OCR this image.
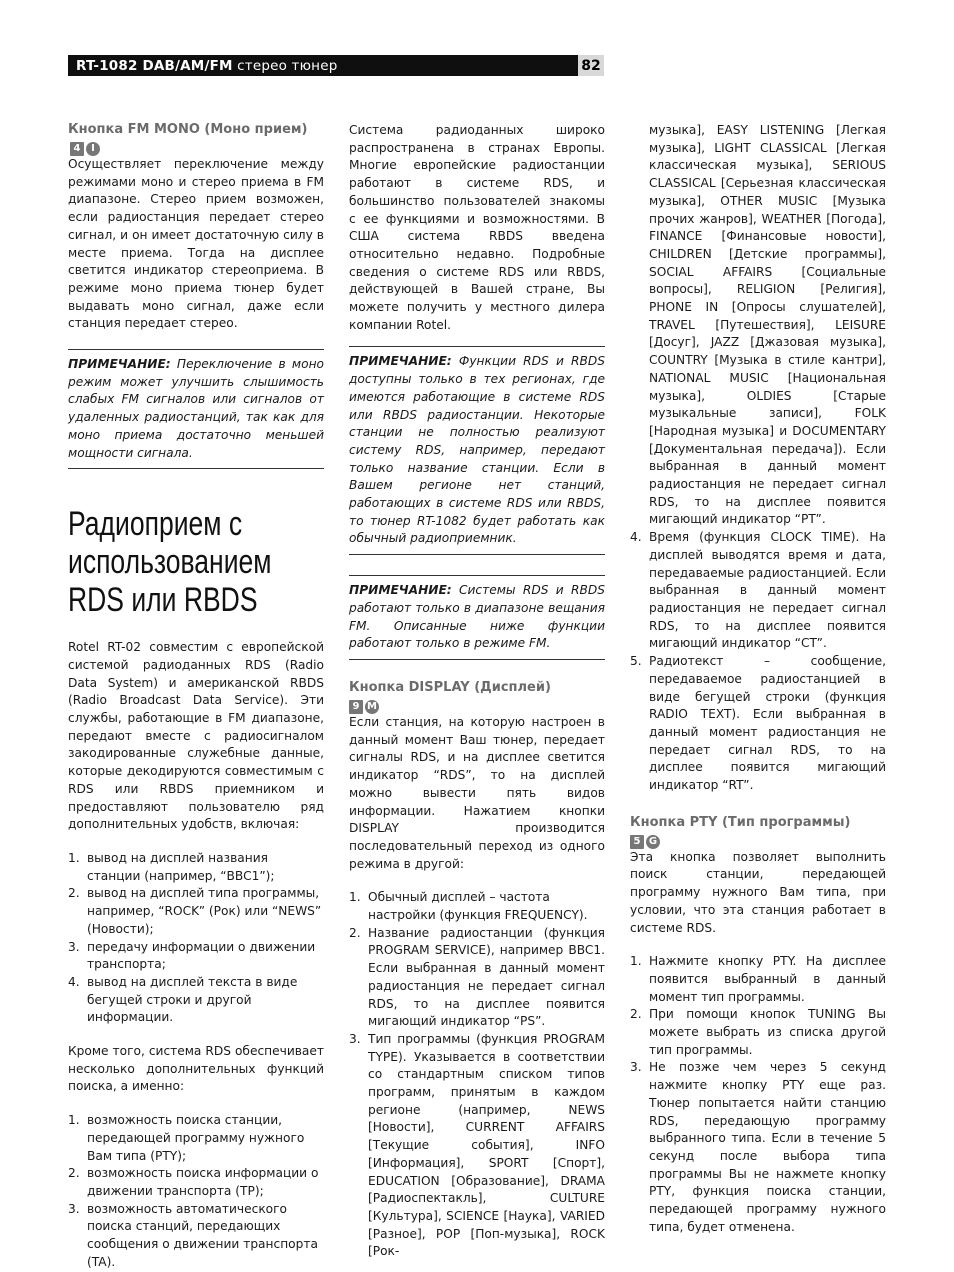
RT-1082 DAB/AM/FM стерео тюнер	82

Кнопка FM MONO (Моно прием) 4 I

Осуществляет переключение между режимами моно и стерео приема в FM диапазоне. Стерео прием возможен, если радиостанция передает стерео сигнал, и он имеет достаточную силу в месте приема. Тогда на дисплее светится индикатор стереоприема. В режиме моно приема тюнер будет выдавать моно сигнал, даже если станция передает стерео.

ПРИМЕЧАНИЕ: Переключение в моно режим может улучшить слышимость слабых FM сигналов или сигналов от удаленных радиостанций, так как для моно приема достаточно меньшей мощности сигнала.

Радиоприем с использованием RDS или RBDS

Rotel RT-02 совместим с европейской системой радиоданных RDS (Radio Data System) и американской RBDS (Radio Broadcast Data Service). Эти службы, работающие в FM диапазоне, передают вместе с радиосигналом закодированные служебные данные, которые декодируются совместимым с RDS или RBDS приемником и предоставляют пользователю ряд дополнительных удобств, включая:

1. вывод на дисплей названия станции (например, “BBC1”);
2. вывод на дисплей типа программы, например, “ROCK” (Рок) или “NEWS” (Новости);
3. передачу информации о движении транспорта;
4. вывод на дисплей текста в виде бегущей строки и другой информации.

Кроме того, система RDS обеспечивает несколько дополнительных функций поиска, а именно:

1. возможность поиска станции, передающей программу нужного Вам типа (PTY);
2. возможность поиска информации о движении транспорта (TP);
3. возможность автоматического поиска станций, передающих сообщения о движении транспорта (TA).

Система радиоданных широко распространена в странах Европы. Многие европейские радиостанции работают в системе RDS, и большинство пользователей знакомы с ее функциями и возможностями. В США система RBDS введена относительно недавно. Подробные сведения о системе RDS или RBDS, действующей в Вашей стране, Вы можете получить у местного дилера компании Rotel.

ПРИМЕЧАНИЕ: Функции RDS и RBDS доступны только в тех регионах, где имеются работающие в системе RDS или RBDS радиостанции. Некоторые станции не полностью реализуют систему RDS, например, передают только название станции. Если в Вашем регионе нет станций, работающих в системе RDS или RBDS, то тюнер RT-1082 будет работать как обычный радиоприемник.
ПРИМЕЧАНИЕ: Системы RDS и RBDS работают только в диапазоне вещания FM. Описанные ниже функции работают только в режиме FM.

Кнопка DISPLAY (Дисплей)
9 M

Если станция, на которую настроен в данный момент Ваш тюнер, передает сигналы RDS, и на дисплее светится индикатор “RDS”, то на дисплей можно вывести пять видов информации. Нажатием кнопки DISPLAY производится последовательный переход из одного режима в другой:

1. Обычный дисплей – частота настройки (функция FREQUENCY).
2. Название радиостанции (функция PROGRAM SERVICE), например BBC1. Если выбранная в данный момент радиостанция не передает сигнал RDS, то на дисплее появится мигающий индикатор “PS”.
3. Тип программы (функция PROGRAM TYPE). Указывается в соответствии со стандартным списком типов программ, принятым в каждом регионе (например, NEWS [Новости], CURRENT AFFAIRS [Текущие события], INFO [Информация], SPORT [Спорт], EDUCATION [Образование], DRAMA [Радиоспектакль], CULTURE [Культура], SCIENCE [Наука], VARIED [Разное], POP [Поп-музыка], ROCK [Рок-
музыка], EASY LISTENING [Легкая музыка], LIGHT CLASSICAL [Легкая классическая музыка], SERIOUS CLASSICAL [Серьезная классическая музыка], OTHER MUSIC [Музыка прочих жанров], WEATHER [Погода], FINANCE [Финансовые новости], CHILDREN [Детские программы], SOCIAL AFFAIRS [Социальные вопросы], RELIGION [Религия], PHONE IN [Опросы слушателей], TRAVEL [Путешествия], LEISURE [Досуг], JAZZ [Джазовая музыка], COUNTRY [Музыка в стиле кантри], NATIONAL MUSIC [Национальная музыка], OLDIES [Старые музыкальные записи], FOLK [Народная музыка] и DOCUMENTARY [Документальная передача]). Если выбранная в данный момент радиостанция не передает сигнал RDS, то на дисплее появится мигающий индикатор “PT”.
4. Время (функция CLOCK TIME). На дисплей выводятся время и дата, передаваемые радиостанцией. Если выбранная в данный момент радиостанция не передает сигнал RDS, то на дисплее появится мигающий индикатор “CT”.
5. Радиотекст – сообщение, передаваемое радиостанцией в виде бегущей строки (функция RADIO TEXT). Если выбранная в данный момент радиостанция не передает сигнал RDS, то на дисплее появится мигающий индикатор “RT”.

Кнопка PTY (Тип программы)
5 G

Эта кнопка позволяет выполнить поиск станции, передающей программу нужного Вам типа, при условии, что эта станция работает в системе RDS.

1. Нажмите кнопку PTY. На дисплее появится выбранный в данный момент тип программы.
2. При помощи кнопок TUNING Вы можете выбрать из списка другой тип программы.
3. Не позже чем через 5 секунд нажмите кнопку PTY еще раз. Тюнер попытается найти станцию RDS, передающую программу выбранного типа. Если в течение 5 секунд после выбора типа программы Вы не нажмете кнопку PTY, функция поиска станции, передающей программу нужного типа, будет отменена.
